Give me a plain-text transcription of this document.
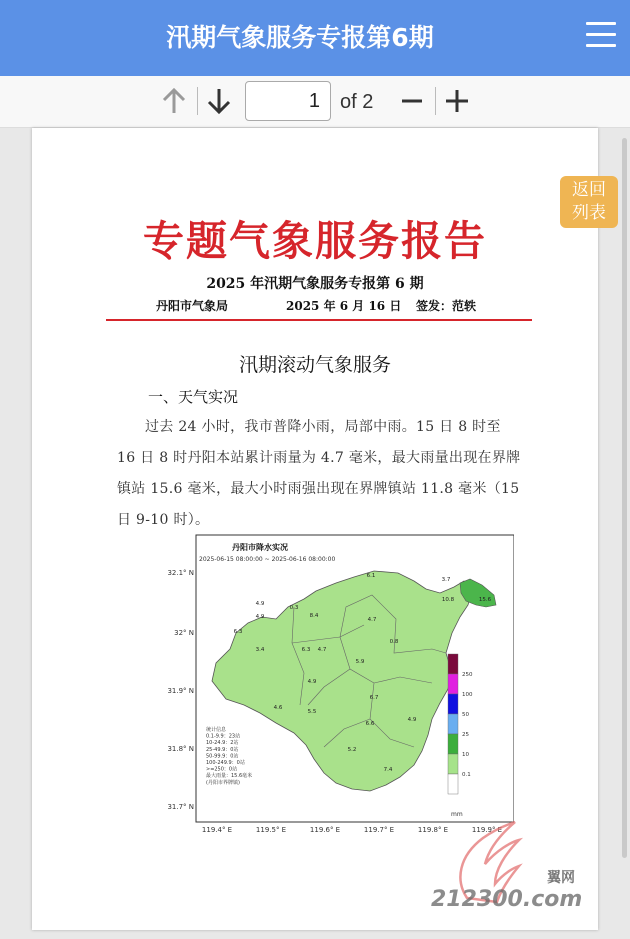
汛期气象服务专报第6期
1
of 2
专题气象服务报告
2025 年汛期气象服务专报第 6 期
丹阳市气象局	2025 年 6 月 16 日 签发：范轶
汛期滚动气象服务
一、天气实况
过去 24 小时，我市普降小雨，局部中雨。15 日 8 时至 16 日 8 时丹阳本站累计雨量为 4.7 毫米，最大雨量出现在界牌镇站 15.6 毫米，最大小时雨强出现在界牌镇站 11.8 毫米（15 日 9-10 时）。
32.1° N
32° N
31.9° N
31.8° N
31.7° N
119.4° E	119.5° E	119.6° E	119.7° E	119.8° E	119.9° E
丹阳市降水实况
2025-06-15 08:00:00 ~ 2025-06-16 08:00:00
4.9
0.3
6.1
3.7
4.9	8.4
10.8	15.6
6.3
4.7
0.8
3.4	6.3 4.7
5.9
4.9
6.7
4.6
5.5
6.6
4.9
5.2
7.4
250
100
50
25
10
0.1
mm
统计信息
0.1-9.9：23站
10-24.9：2站
25-49.9：0站
50-99.9：0站
100-249.9：0站
>=250：0站
最大雨量：15.6毫米
(丹阳市界牌镇)
返回
列表
翼网
212300.com
